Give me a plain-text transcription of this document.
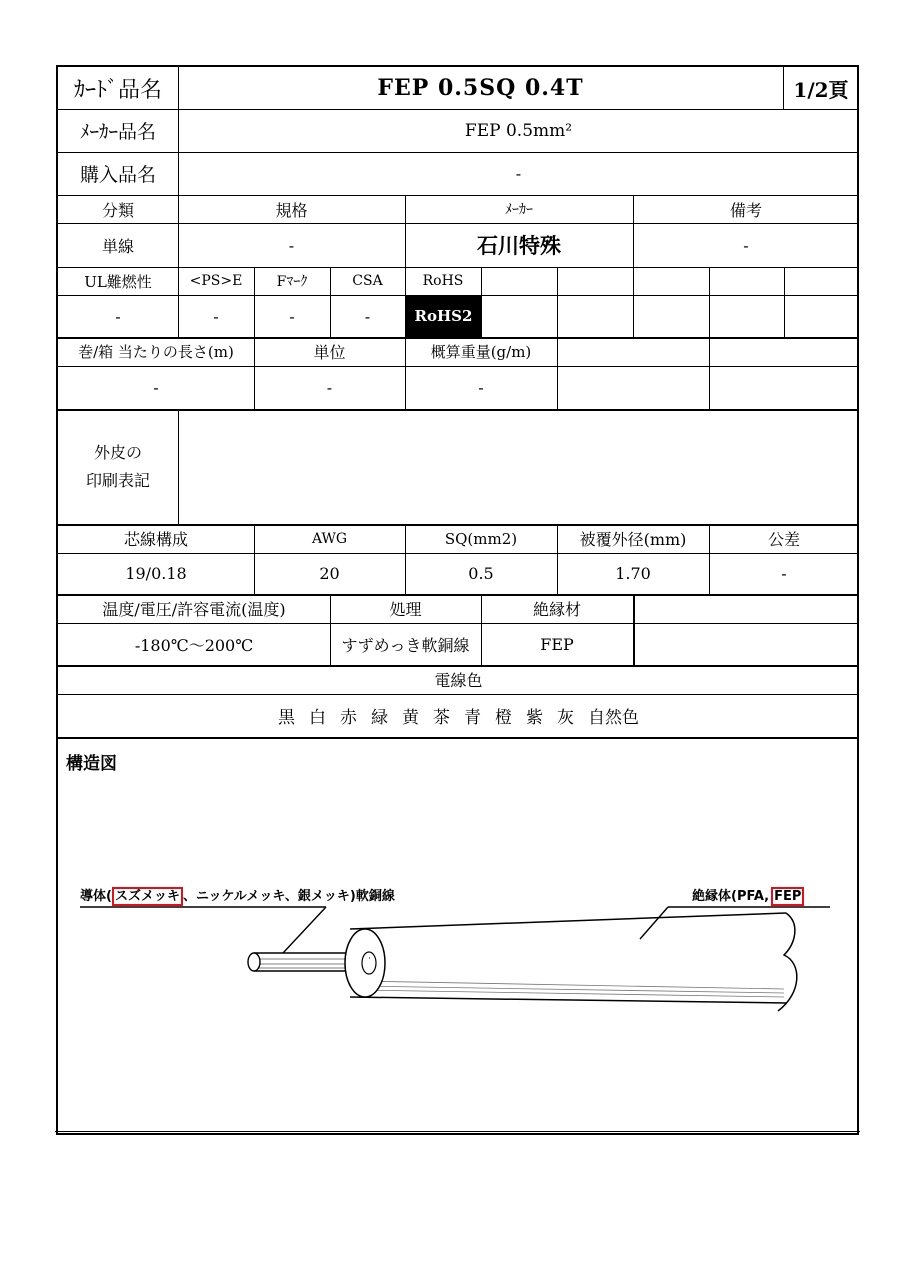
ｶｰﾄﾞ品名	FEP 0.5SQ 0.4T	1/2頁
ﾒｰｶｰ品名	FEP 0.5mm²
購入品名	-
分類	規格	ﾒｰｶｰ	備考
単線	-	石川特殊	-
UL難燃性	<PS>E	Fﾏｰｸ	CSA	RoHS
-	-	-	-	RoHS2
巻/箱 当たりの長さ(m)	単位	概算重量(g/m)
-	-	-
外皮の
印刷表記
芯線構成	AWG	SQ(mm2)	被覆外径(mm)	公差
19/0.18	20	0.5	1.70	-
温度/電圧/許容電流(温度)	処理	絶縁材
-180℃～200℃	すずめっき軟銅線	FEP
電線色
黒 白 赤 緑 黄 茶 青 橙 紫 灰 自然色
構造図
導体( スズメッキ 、ニッケルメッキ、銀メッキ)軟銅線	絶縁体(PFA, FEP
